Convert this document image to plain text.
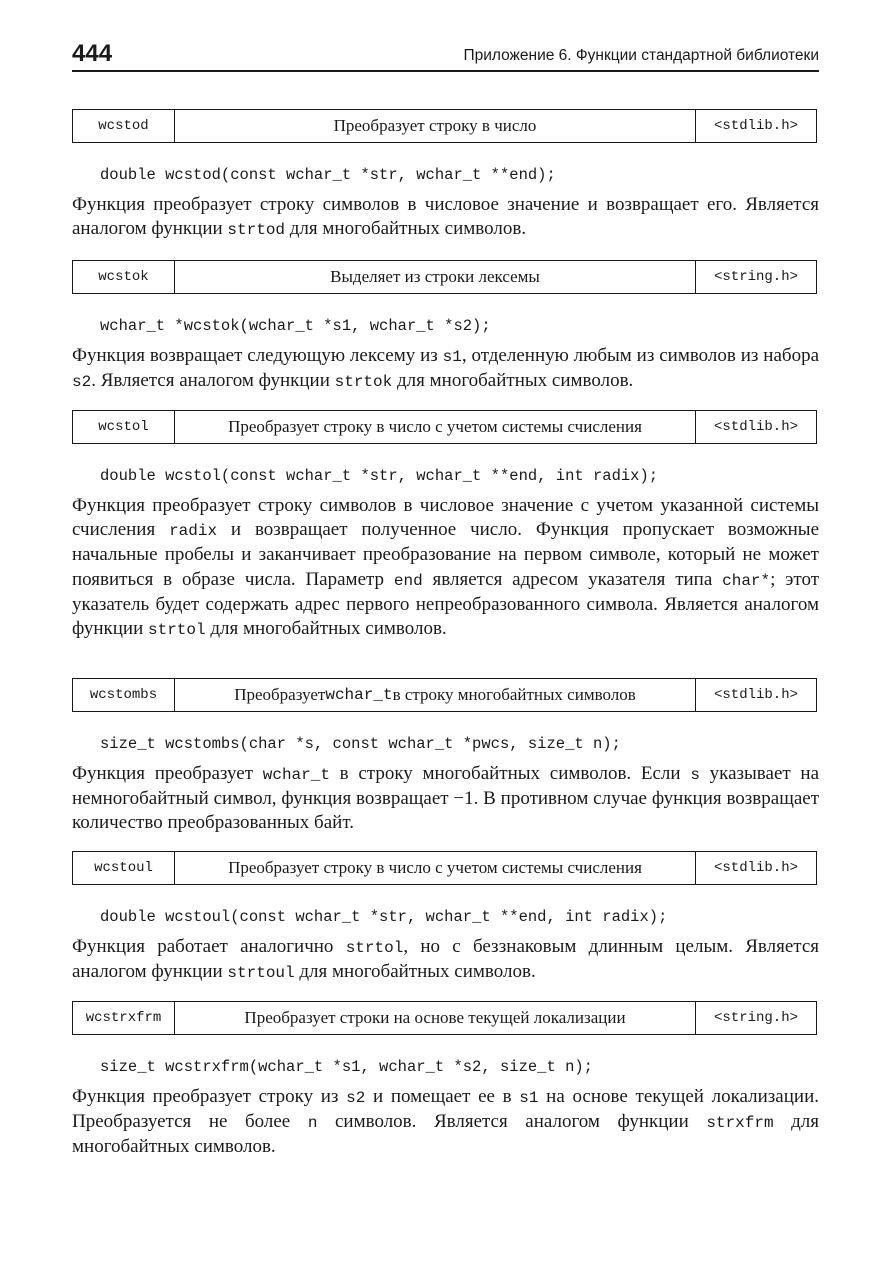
444	Приложение 6. Функции стандартной библиотеки
wcstod	Преобразует строку в число	<stdlib.h>
double wcstod(const wchar_t *str, wchar_t **end);
Функция преобразует строку символов в числовое значение и возвращает его. Является аналогом функции strtod для многобайтных символов.
wcstok	Выделяет из строки лексемы	<string.h>
wchar_t *wcstok(wchar_t *s1, wchar_t *s2);
Функция возвращает следующую лексему из s1, отделенную любым из символов из набора s2. Является аналогом функции strtok для многобайтных символов.
wcstol	Преобразует строку в число с учетом системы счисления	<stdlib.h>
double wcstol(const wchar_t *str, wchar_t **end, int radix);
Функция преобразует строку символов в числовое значение с учетом указанной системы счисления radix и возвращает полученное число. Функция пропускает возможные начальные пробелы и заканчивает преобразование на первом символе, который не может появиться в образе числа. Параметр end является адресом указателя типа char*; этот указатель будет содержать адрес первого непреобразованного символа. Является аналогом функции strtol для многобайтных символов.
wcstombs	Преобразует wchar_t в строку многобайтных символов	<stdlib.h>
size_t wcstombs(char *s, const wchar_t *pwcs, size_t n);
Функция преобразует wchar_t в строку многобайтных символов. Если s указывает на немногобайтный символ, функция возвращает −1. В противном случае функция возвращает количество преобразованных байт.
wcstoul	Преобразует строку в число с учетом системы счисления	<stdlib.h>
double wcstoul(const wchar_t *str, wchar_t **end, int radix);
Функция работает аналогично strtol, но с беззнаковым длинным целым. Является аналогом функции strtoul для многобайтных символов.
wcstrxfrm	Преобразует строки на основе текущей локализации	<string.h>
size_t wcstrxfrm(wchar_t *s1, wchar_t *s2, size_t n);
Функция преобразует строку из s2 и помещает ее в s1 на основе текущей локализации. Преобразуется не более n символов. Является аналогом функции strxfrm для многобайтных символов.
